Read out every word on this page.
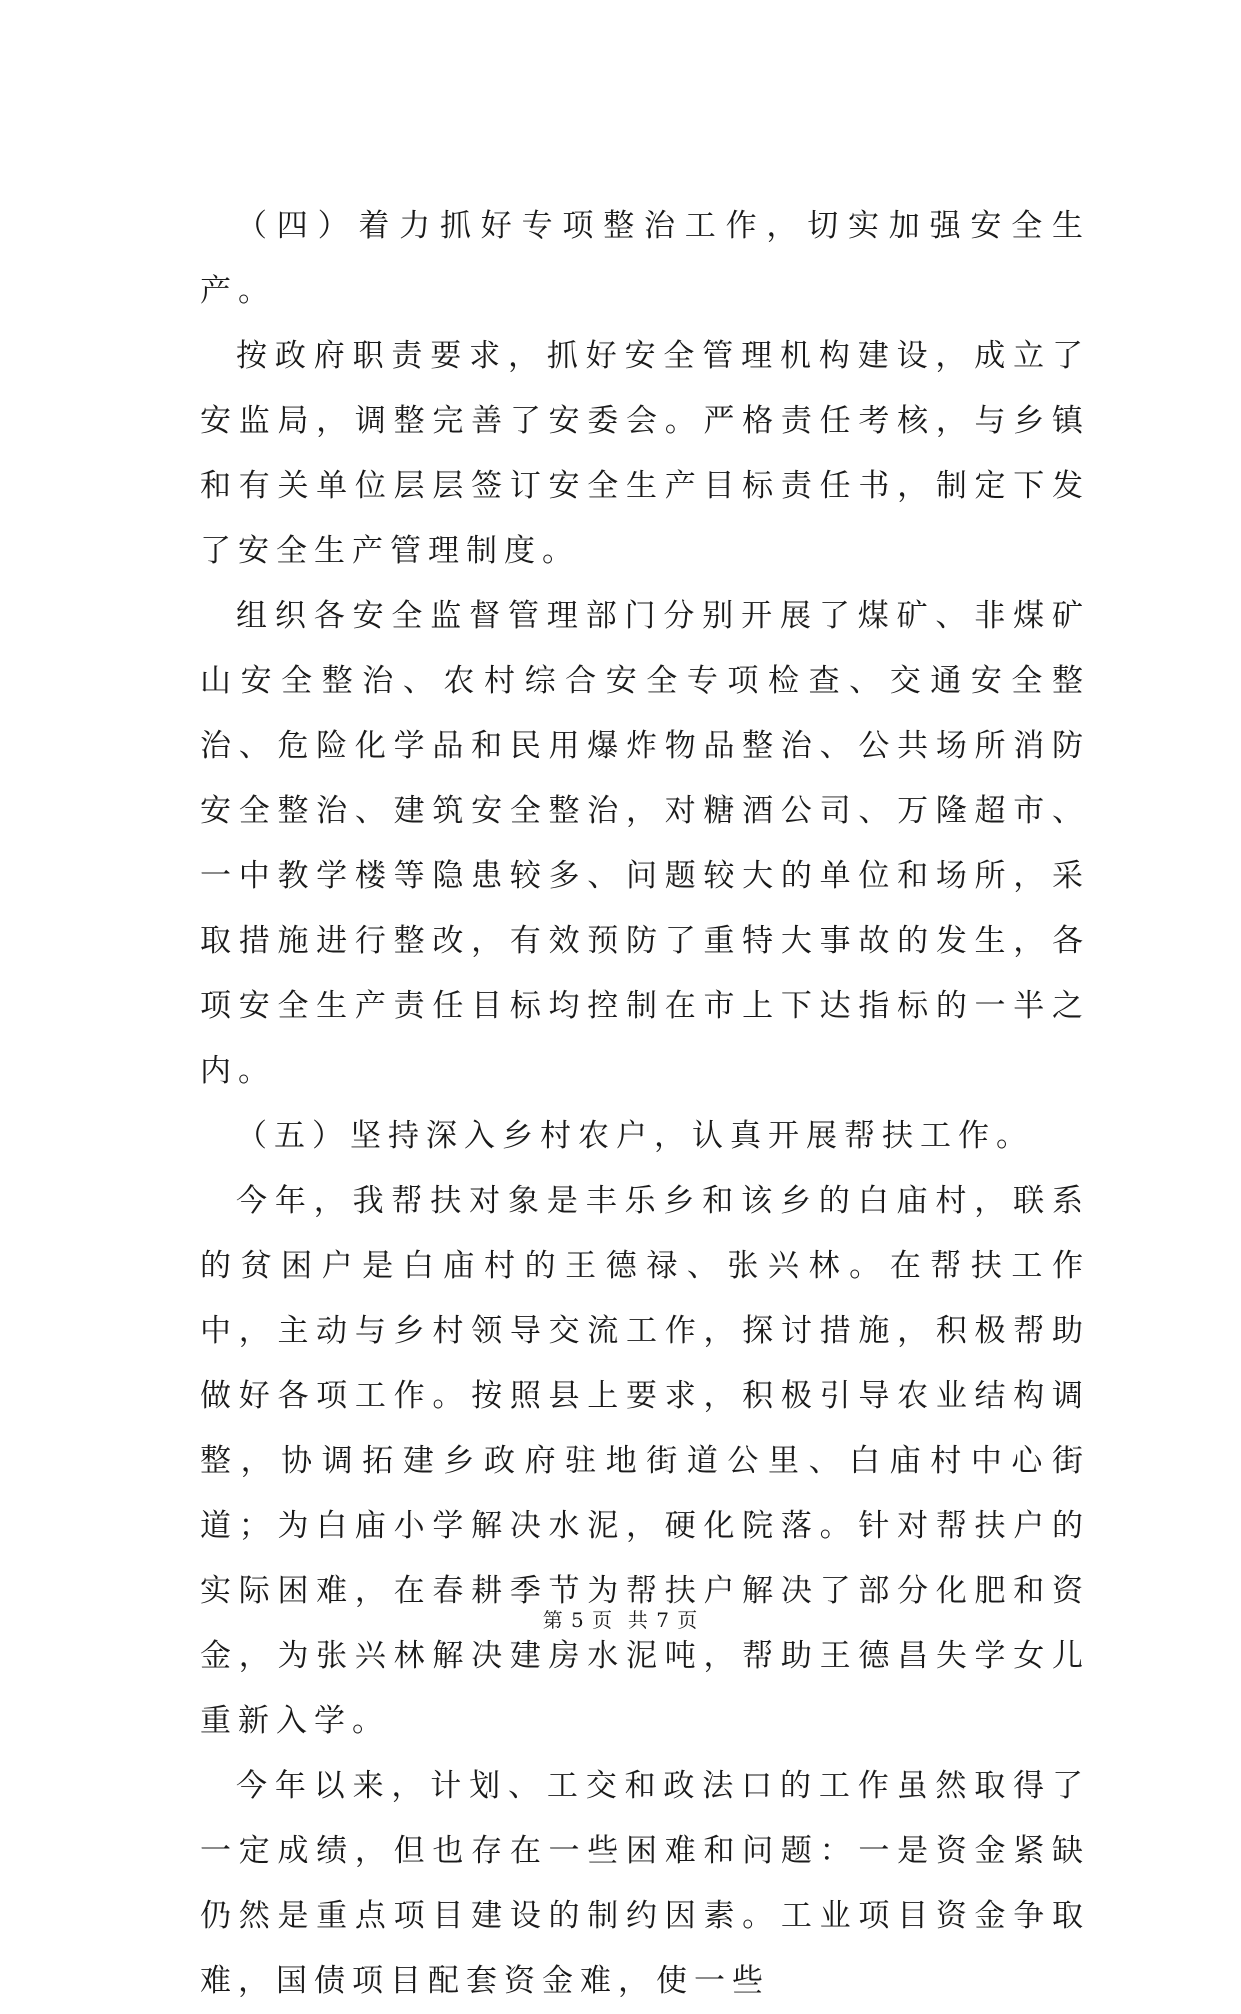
（四）着力抓好专项整治工作，切实加强安全生产。

按政府职责要求，抓好安全管理机构建设，成立了安监局，调整完善了安委会。严格责任考核，与乡镇和有关单位层层签订安全生产目标责任书，制定下发了安全生产管理制度。

组织各安全监督管理部门分别开展了煤矿、非煤矿山安全整治、农村综合安全专项检查、交通安全整治、危险化学品和民用爆炸物品整治、公共场所消防安全整治、建筑安全整治，对糖酒公司、万隆超市、一中教学楼等隐患较多、问题较大的单位和场所，采取措施进行整改，有效预防了重特大事故的发生，各项安全生产责任目标均控制在市上下达指标的一半之内。

（五）坚持深入乡村农户，认真开展帮扶工作。

今年，我帮扶对象是丰乐乡和该乡的白庙村，联系的贫困户是白庙村的王德禄、张兴林。在帮扶工作中，主动与乡村领导交流工作，探讨措施，积极帮助做好各项工作。按照县上要求，积极引导农业结构调整，协调拓建乡政府驻地街道公里、白庙村中心街道；为白庙小学解决水泥，硬化院落。针对帮扶户的实际困难，在春耕季节为帮扶户解决了部分化肥和资金，为张兴林解决建房水泥吨，帮助王德昌失学女儿重新入学。

今年以来，计划、工交和政法口的工作虽然取得了一定成绩，但也存在一些困难和问题：一是资金紧缺仍然是重点项目建设的制约因素。工业项目资金争取难，国债项目配套资金难，使一些

第 5 页  共 7 页
